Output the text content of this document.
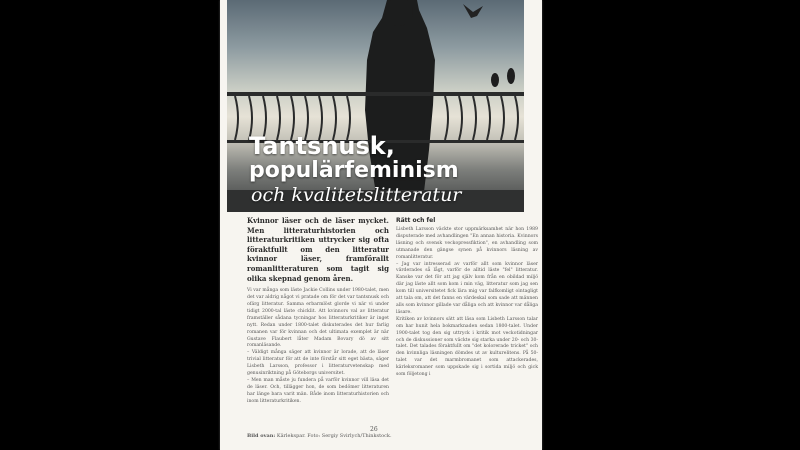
Tantsnusk,
populärfeminism
och kvalitetslitteratur

Kvinnor läser och de läser mycket. Men litteraturhistorien och litteraturkritiken uttrycker sig ofta föraktfullt om den litteratur kvinnor läser, framförallt romanlitteraturen som tagit sig olika skepnad genom åren.

Vi var många som läste Jackie Collins under 1980-talet, men det var aldrig något vi pratade om för det var tantsnusk och ofärg litteratur. Samma erbarmlöst glorde vi när vi under tidigt 2000-tal läste chicklit. Att kvinnors val av litteratur framställer sådana tycningar hos litteraturkritiker är inget nytt. Redan under 1800-talet diskuterades det hur farlig romanen var för kvinnan och det ultimata exemplet är när Gustave Flaubert låter Madam Bovary dö av sitt romanläsande.

– Väldigt många säger att kvinnor är lorade, att de läser trivial litteratur för att de inte förstår sitt eget bästa, säger Lisbeth Larsson, professor i litteraturvetenskap med genusinriktning på Göteborgs universitet.

– Men man måste ju fundera på varför kvinnor vill läsa det de läser. Och, tillägger hon, de som bedömer litteraturen har länge bara varit män. Både inom litteraturhistorien och inom litteraturkritiken.

Rätt och fel

Lisbeth Larsson väckte stor uppmärksamhet när hon 1989 disputerade med avhandlingen "En annan historia. Kvinnors läsning och svensk veckopressfiktion", en avhandling som utmanade den gängse synen på kvinnors läsning av romanlitteratur.

– Jag var intresserad av varför allt som kvinnor läser värderades så lågt, varför de alltid läste "fel" litteratur. Kanske var det för att jag själv kom från en obildad miljö där jag läste allt som kom i min väg, litteratur som jag sen kom till universitetet fick lära mig var falfkomligt ointagligt att tala om, att det fanns en värdeskal som sade att männen alls som kvinnor gillade var dåliga och att kvinnor var dåliga läsare.

Kritiken av kvinnors sätt att läsa som Lisbeth Larsson talar om har hunit hela bokmarknaden sedan 1800-talet. Under 1900-talet tog den sig uttryck i kritik mot veckotidningar och de diskussioner som väckte sig starka under 20- och 30-talet. Det talades föraktfullt om "det kolorerade tricket" och den kvinnliga läsningen dömdes ut av kulturelitens. På 50-talet var det marmbromanet som attackerades, kärleksromaner som uppskade sig i sortida miljö och gick som följetong i

26
Bild ovan: Kärlekspar. Foto: Sergiy Svirlych/Thinkstock.
